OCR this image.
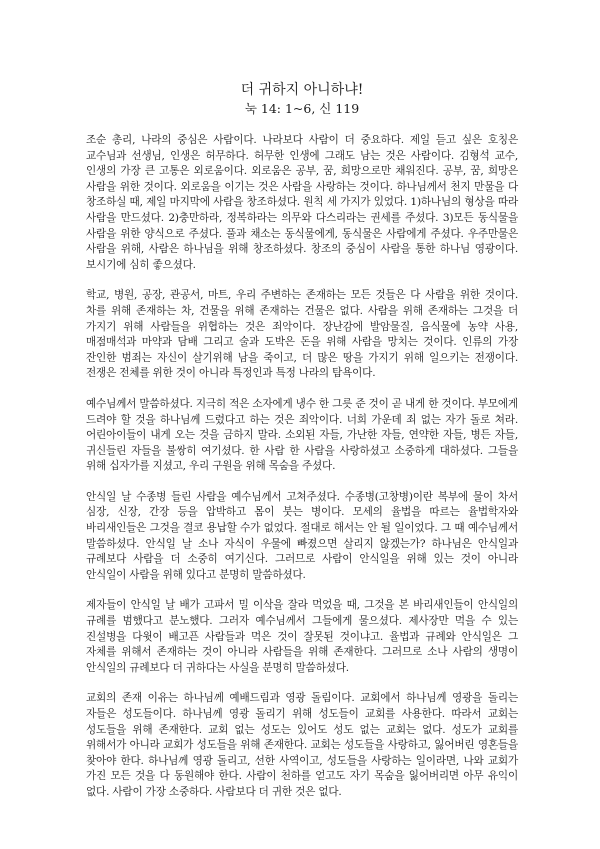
더 귀하지 아니하냐!
눅 14: 1~6, 신 119

조순 총리, 나라의 중심은 사람이다. 나라보다 사람이 더 중요하다. 제일 듣고 싶은 호칭은 교수님과 선생님, 인생은 허무하다. 허무한 인생에 그래도 남는 것은 사람이다. 김형석 교수, 인생의 가장 큰 고통은 외로움이다. 외로움은 공부, 꿈, 희망으로만 채워진다. 공부, 꿈, 희망은 사람을 위한 것이다. 외로움을 이기는 것은 사람을 사랑하는 것이다. 하나님께서 천지 만물을 다 창조하실 때, 제일 마지막에 사람을 창조하셨다. 원칙 세 가지가 있었다. 1)하나님의 형상을 따라 사람을 만드셨다. 2)충만하라, 정복하라는 의무와 다스리라는 권세를 주셨다. 3)모든 동식물을 사람을 위한 양식으로 주셨다. 풀과 채소는 동식물에게, 동식물은 사람에게 주셨다. 우주만물은 사람을 위해, 사람은 하나님을 위해 창조하셨다. 창조의 중심이 사람을 통한 하나님 영광이다. 보시기에 심히 좋으셨다.

학교, 병원, 공장, 관공서, 마트, 우리 주변하는 존재하는 모든 것들은 다 사람을 위한 것이다. 차를 위해 존재하는 차, 건물을 위해 존재하는 건물은 없다. 사람을 위해 존재하는 그것을 더 가지기 위해 사람들을 위협하는 것은 죄악이다. 장난감에 발암물질, 음식물에 농약 사용, 매점매석과 마약과 담배 그리고 술과 도박은 돈을 위해 사람을 망치는 것이다. 인류의 가장 잔인한 범죄는 자신이 살기위해 남을 죽이고, 더 많은 땅을 가지기 위해 일으키는 전쟁이다. 전쟁은 전체를 위한 것이 아니라 특정인과 특정 나라의 탐욕이다.

예수님께서 말씀하셨다. 지극히 적은 소자에게 냉수 한 그릇 준 것이 곧 내게 한 것이다. 부모에게 드려야 할 것을 하나님께 드렸다고 하는 것은 죄악이다. 너희 가운데 죄 없는 자가 돌로 쳐라. 어린아이들이 내게 오는 것을 금하지 말라. 소외된 자들, 가난한 자들, 연약한 자들, 병든 자들, 귀신들린 자들을 불쌍히 여기셨다. 한 사람 한 사람을 사랑하셨고 소중하게 대하셨다. 그들을 위해 십자가를 지셨고, 우리 구원을 위해 목숨을 주셨다.

안식일 날 수종병 들린 사람을 예수님께서 고쳐주셨다. 수종병(고창병)이란 복부에 물이 차서 심장, 신장, 간장 등을 압박하고 몸이 붓는 병이다. 모세의 율법을 따르는 율법학자와 바리새인들은 그것을 결코 용납할 수가 없었다. 절대로 해서는 안 될 일이었다. 그 때 예수님께서 말씀하셨다. 안식일 날 소나 자식이 우물에 빠졌으면 살리지 않겠는가? 하나님은 안식일과 규례보다 사람을 더 소중히 여기신다. 그러므로 사람이 안식일을 위해 있는 것이 아니라 안식일이 사람을 위해 있다고 분명히 말씀하셨다.

제자들이 안식일 날 배가 고파서 밀 이삭을 잘라 먹었을 때, 그것을 본 바리새인들이 안식일의 규례를 범했다고 분노했다. 그러자 예수님께서 그들에게 물으셨다. 제사장만 먹을 수 있는 진설병을 다윗이 배고픈 사람들과 먹은 것이 잘못된 것이냐고. 율법과 규례와 안식일은 그 자체를 위해서 존재하는 것이 아니라 사람들을 위해 존재한다. 그러므로 소나 사람의 생명이 안식일의 규례보다 더 귀하다는 사실을 분명히 말씀하셨다.

교회의 존재 이유는 하나님께 예배드림과 영광 돌림이다. 교회에서 하나님께 영광을 돌리는 자들은 성도들이다. 하나님께 영광 돌리기 위해 성도들이 교회를 사용한다. 따라서 교회는 성도들을 위해 존재한다. 교회 없는 성도는 있어도 성도 없는 교회는 없다. 성도가 교회를 위해서가 아니라 교회가 성도들을 위해 존재한다. 교회는 성도들을 사랑하고, 잃어버린 영혼들을 찾아야 한다. 하나님께 영광 돌리고, 선한 사역이고, 성도들을 사랑하는 일이라면, 나와 교회가 가진 모든 것을 다 동원해야 한다. 사람이 천하를 얻고도 자기 목숨을 잃어버리면 아무 유익이 없다. 사람이 가장 소중하다. 사람보다 더 귀한 것은 없다.
